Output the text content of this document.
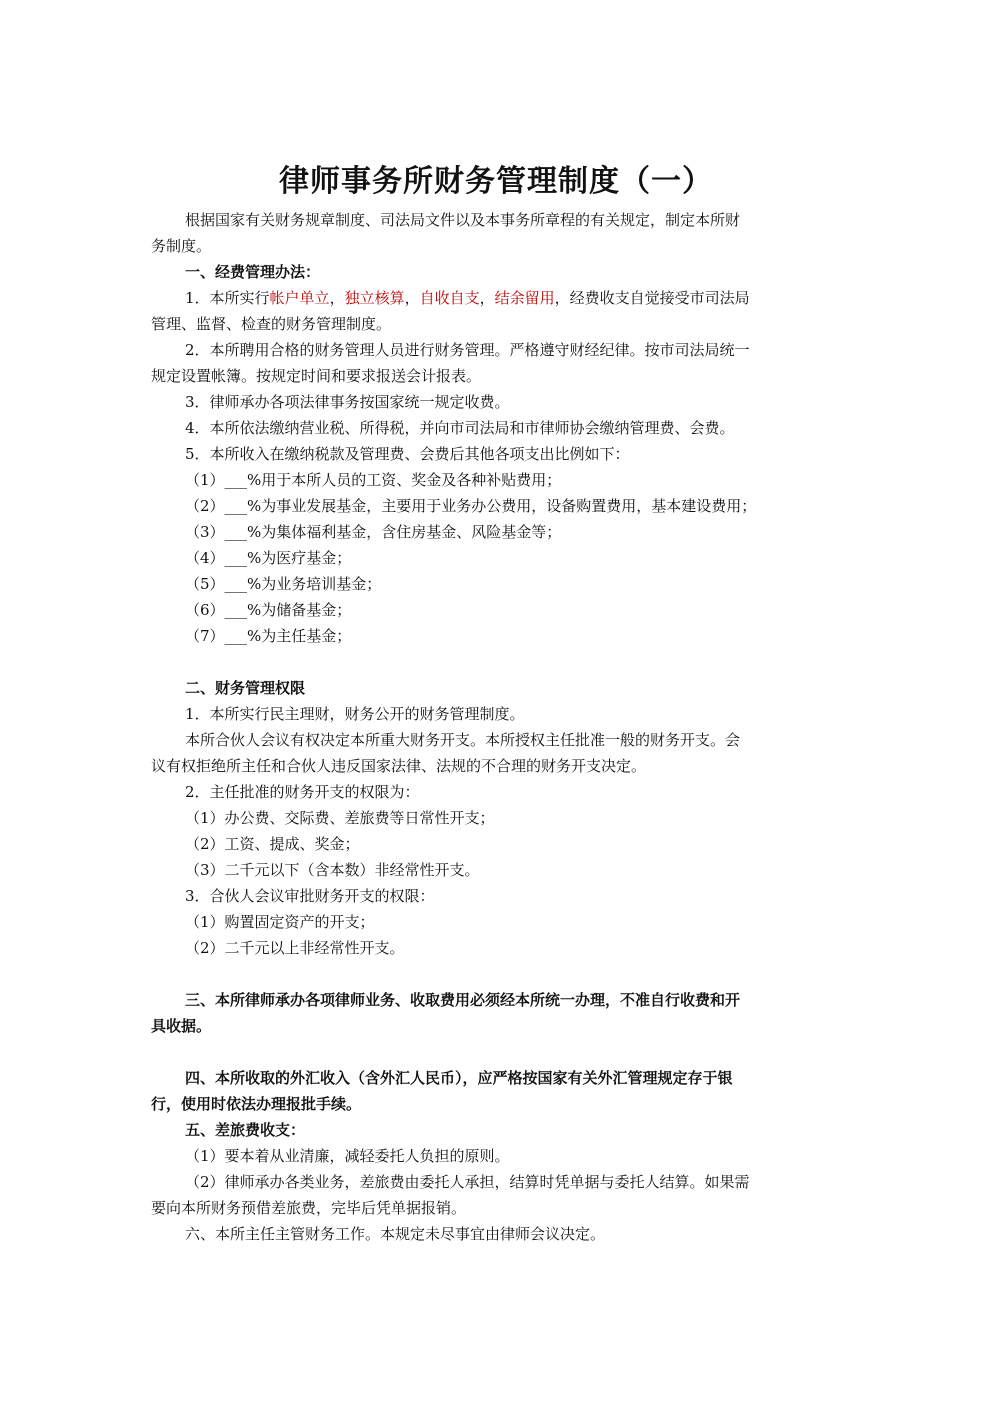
律师事务所财务管理制度（一）

根据国家有关财务规章制度、司法局文件以及本事务所章程的有关规定，制定本所财

务制度。

一、经费管理办法：

1．本所实行帐户单立，独立核算，自收自支，结余留用，经费收支自觉接受市司法局

管理、监督、检查的财务管理制度。

2．本所聘用合格的财务管理人员进行财务管理。严格遵守财经纪律。按市司法局统一

规定设置帐簿。按规定时间和要求报送会计报表。

3．律师承办各项法律事务按国家统一规定收费。

4．本所依法缴纳营业税、所得税，并向市司法局和市律师协会缴纳管理费、会费。

5．本所收入在缴纳税款及管理费、会费后其他各项支出比例如下：

（1）___%用于本所人员的工资、奖金及各种补贴费用；

（2）___%为事业发展基金，主要用于业务办公费用，设备购置费用，基本建设费用；

（3）___%为集体福利基金，含住房基金、风险基金等；

（4）___%为医疗基金；

（5）___%为业务培训基金；

（6）___%为储备基金；

（7）___%为主任基金；

二、财务管理权限

1．本所实行民主理财，财务公开的财务管理制度。

本所合伙人会议有权决定本所重大财务开支。本所授权主任批准一般的财务开支。会

议有权拒绝所主任和合伙人违反国家法律、法规的不合理的财务开支决定。

2．主任批准的财务开支的权限为：

（1）办公费、交际费、差旅费等日常性开支；

（2）工资、提成、奖金；

（3）二千元以下（含本数）非经常性开支。

3．合伙人会议审批财务开支的权限：

（1）购置固定资产的开支；

（2）二千元以上非经常性开支。

三、本所律师承办各项律师业务、收取费用必须经本所统一办理，不准自行收费和开

具收据。

四、本所收取的外汇收入（含外汇人民币），应严格按国家有关外汇管理规定存于银

行，使用时依法办理报批手续。

五、差旅费收支：

（1）要本着从业清廉，减轻委托人负担的原则。

（2）律师承办各类业务，差旅费由委托人承担，结算时凭单据与委托人结算。如果需

要向本所财务预借差旅费，完毕后凭单据报销。

六、本所主任主管财务工作。本规定未尽事宜由律师会议决定。
